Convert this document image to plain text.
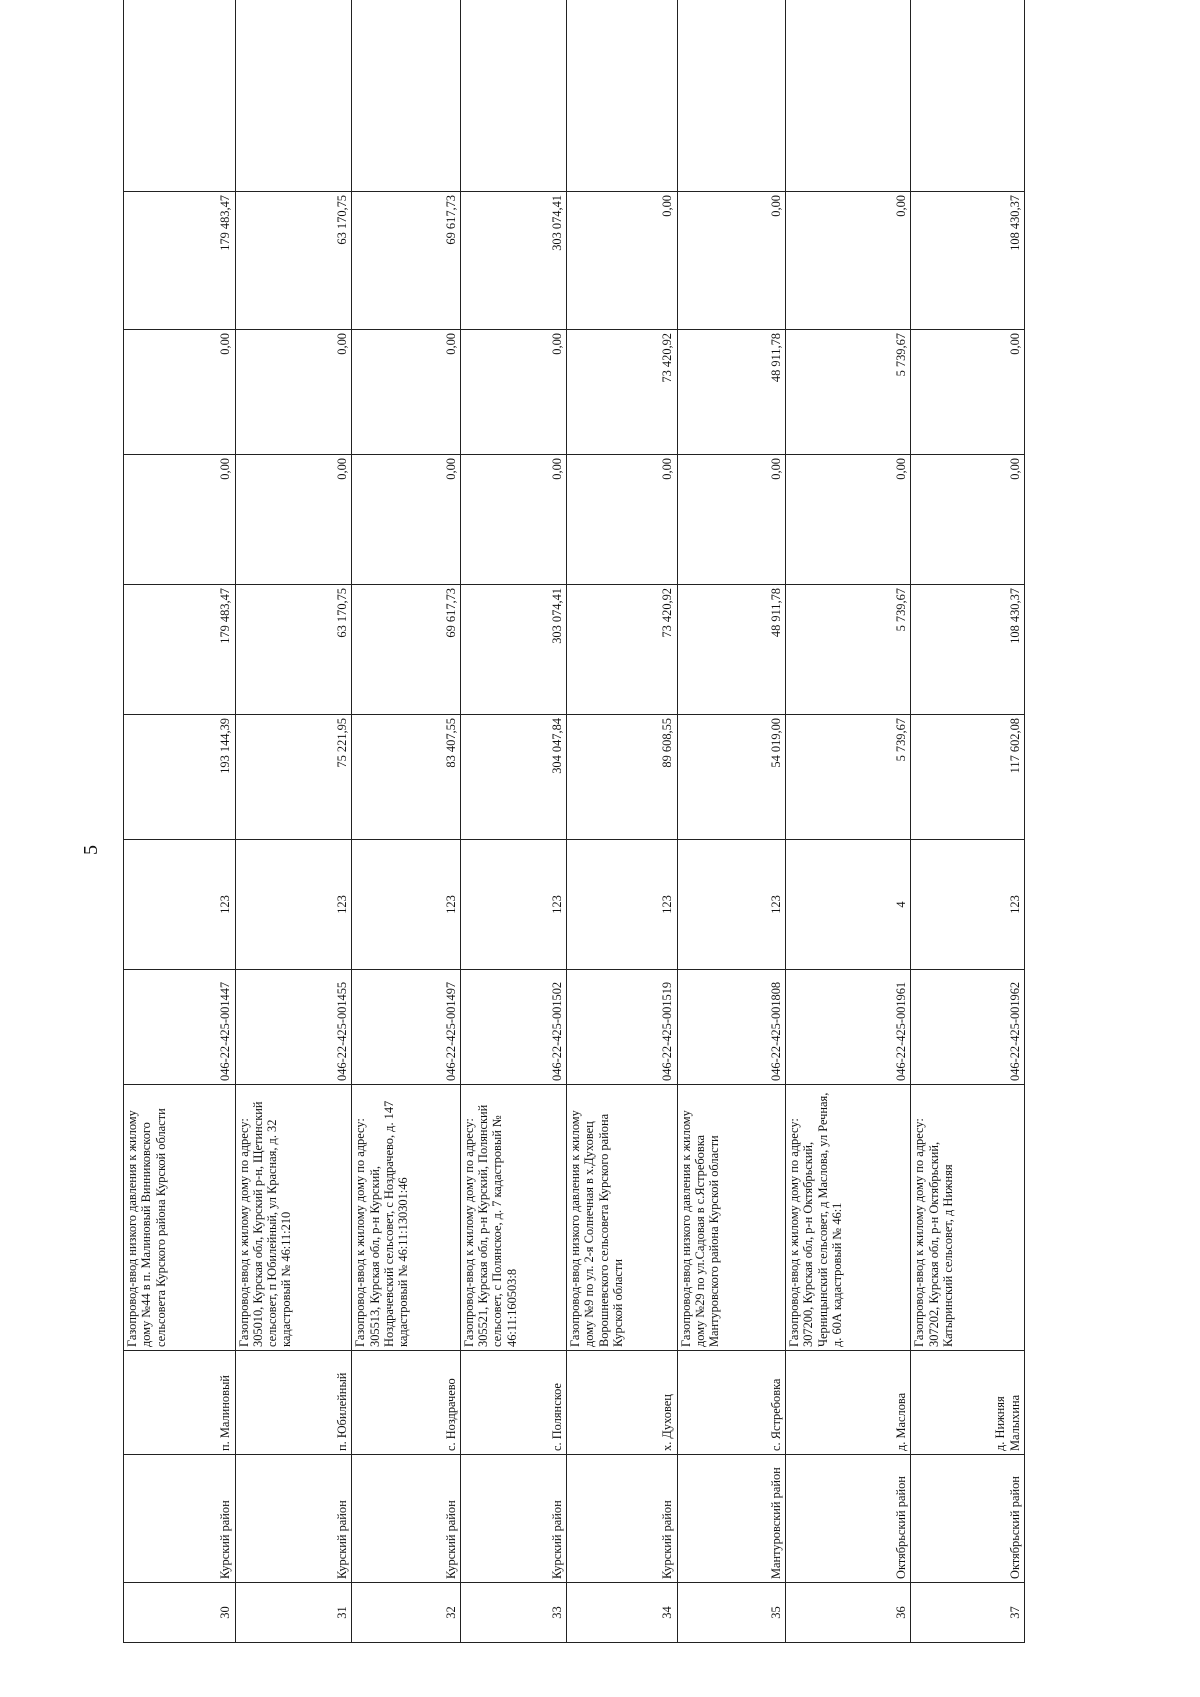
5
30	Курский район	п. Малиновый	Газопровод-ввод низкого давления к жилому дому №44 в п. Малиновый Винниковского сельсовета Курского района Курской области	046-22-425-001447	123	193 144,39	179 483,47	0,00	0,00	179 483,47	
31	Курский район	п. Юбилейный	Газопровод-ввод к жилому дому по адресу: 305010, Курская обл, Курский р-н, Щетинский сельсовет, п Юбилейный, ул Красная, д. 32 кадастровый № 46:11:210	046-22-425-001455	123	75 221,95	63 170,75	0,00	0,00	63 170,75	
32	Курский район	с. Ноздрачево	Газопровод-ввод к жилому дому по адресу: 305513, Курская обл, р-н Курский, Ноздрачевский сельсовет, с Ноздрачево, д. 147 кадастровый № 46:11:130301:46	046-22-425-001497	123	83 407,55	69 617,73	0,00	0,00	69 617,73	
33	Курский район	с. Полянское	Газопровод-ввод к жилому дому по адресу: 305521, Курская обл, р-н Курский, Полянский сельсовет, с Полянское, д. 7 кадастровый № 46:11:160503:8	046-22-425-001502	123	304 047,84	303 074,41	0,00	0,00	303 074,41	
34	Курский район	х. Духовец	Газопровод-ввод низкого давления к жилому дому №9 по ул. 2-я Солнечная в х.Духовец Ворошневского сельсовета Курского района Курской области	046-22-425-001519	123	89 608,55	73 420,92	0,00	73 420,92	0,00	
35	Мантуровский район	с. Ястребовка	Газопровод-ввод низкого давления к жилому дому №29 по ул.Садовая в с.Ястребовка Мантуровского района Курской области	046-22-425-001808	123	54 019,00	48 911,78	0,00	48 911,78	0,00	
36	Октябрьский район	д. Маслова	Газопровод-ввод к жилому дому по адресу: 307200, Курская обл, р-н Октябрьский, Черницынский сельсовет, д Маслова, ул Речная, д. 60А кадастровый № 46:1	046-22-425-001961	4	5 739,67	5 739,67	0,00	5 739,67	0,00	
37	Октябрьский район	д. Нижняя Малыхина	Газопровод-ввод к жилому дому по адресу: 307202, Курская обл, р-н Октябрьский, Катыринский сельсовет, д Нижняя	046-22-425-001962	123	117 602,08	108 430,37	0,00	0,00	108 430,37	
